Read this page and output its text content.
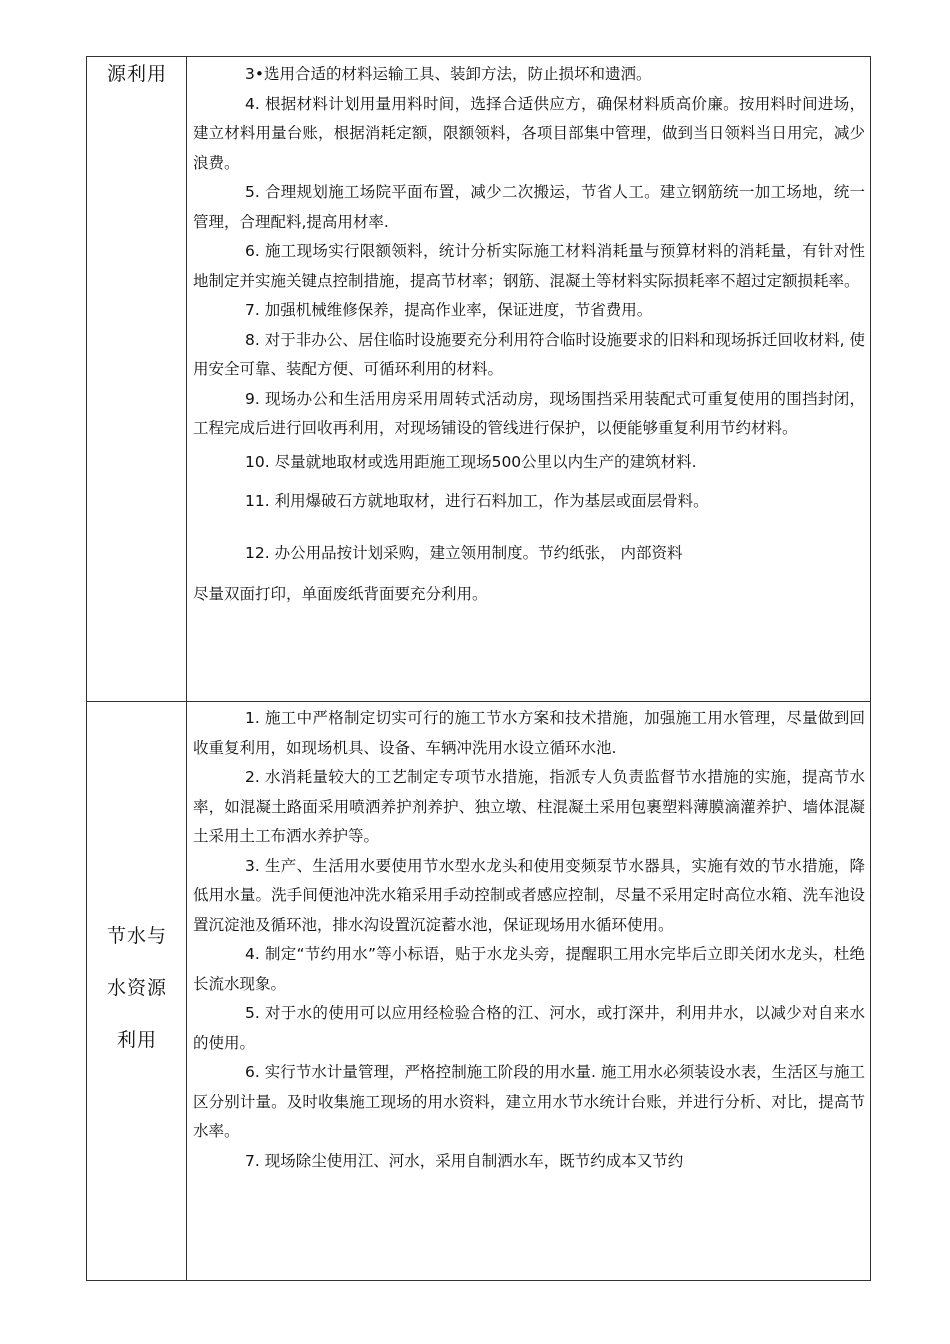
源利用	3•选用合适的材料运输工具、装卸方法，防止损坏和遗洒。

4. 根据材料计划用量用料时间，选择合适供应方，确保材料质高价廉。按用料时间进场，建立材料用量台账，根据消耗定额，限额领料，各项目部集中管理，做到当日领料当日用完，减少浪费。

5. 合理规划施工场院平面布置，减少二次搬运，节省人工。建立钢筋统一加工场地，统一管理，合理配料,提高用材率.

6. 施工现场实行限额领料，统计分析实际施工材料消耗量与预算材料的消耗量，有针对性地制定并实施关键点控制措施，提高节材率；钢筋、混凝土等材料实际损耗率不超过定额损耗率。

7. 加强机械维修保养，提高作业率，保证进度，节省费用。

8. 对于非办公、居住临时设施要充分利用符合临时设施要求的旧料和现场拆迁回收材料, 使用安全可靠、装配方便、可循环利用的材料。

9. 现场办公和生活用房采用周转式活动房，现场围挡采用装配式可重复使用的围挡封闭，工程完成后进行回收再利用，对现场铺设的管线进行保护，以便能够重复利用节约材料。

10. 尽量就地取材或选用距施工现场500公里以内生产的建筑材料.

11. 利用爆破石方就地取材，进行石料加工，作为基层或面层骨料。

12. 办公用品按计划采购，建立领用制度。节约纸张， 内部资料

尽量双面打印，单面废纸背面要充分利用。

节水与
水资源
利用

1. 施工中严格制定切实可行的施工节水方案和技术措施，加强施工用水管理，尽量做到回收重复利用，如现场机具、设备、车辆冲洗用水设立循环水池.

2. 水消耗量较大的工艺制定专项节水措施，指派专人负责监督节水措施的实施，提高节水率，如混凝土路面采用喷洒养护剂养护、独立墩、柱混凝土采用包裹塑料薄膜滴灌养护、墙体混凝土采用土工布洒水养护等。

3. 生产、生活用水要使用节水型水龙头和使用变频泵节水器具，实施有效的节水措施，降低用水量。洗手间便池冲洗水箱采用手动控制或者感应控制，尽量不采用定时高位水箱、洗车池设置沉淀池及循环池，排水沟设置沉淀蓄水池，保证现场用水循环使用。

4. 制定“节约用水”等小标语，贴于水龙头旁，提醒职工用水完毕后立即关闭水龙头，杜绝长流水现象。

5. 对于水的使用可以应用经检验合格的江、河水，或打深井，利用井水，以减少对自来水的使用。

6. 实行节水计量管理，严格控制施工阶段的用水量. 施工用水必须装设水表，生活区与施工区分别计量。及时收集施工现场的用水资料，建立用水节水统计台账，并进行分析、对比，提高节水率。

7. 现场除尘使用江、河水，采用自制洒水车，既节约成本又节约
